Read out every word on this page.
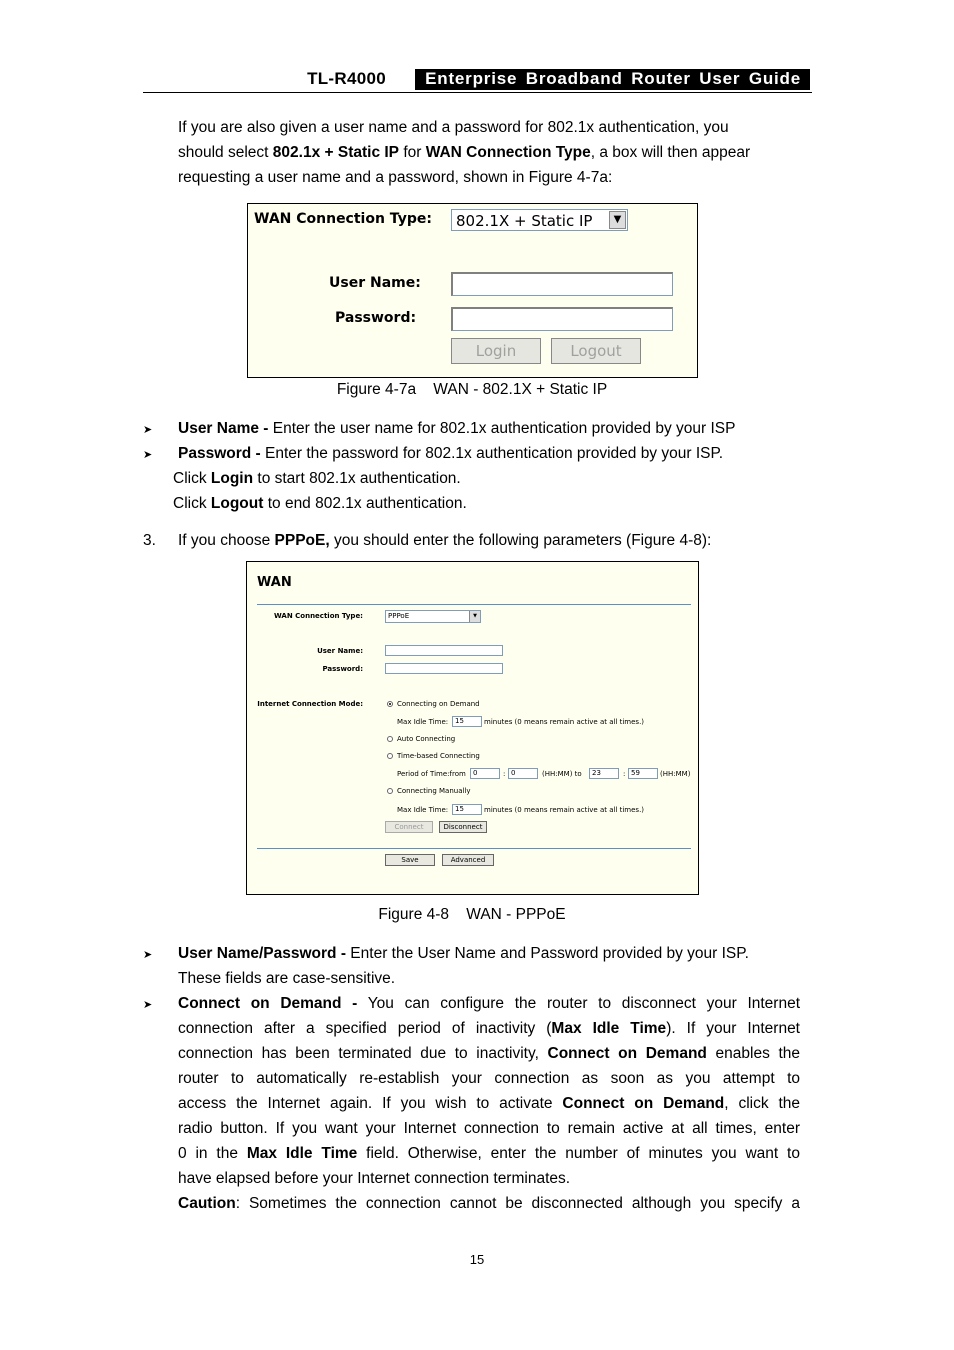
TL-R4000	Enterprise Broadband Router User Guide
If you are also given a user name and a password for 802.1x authentication, you
should select 802.1x + Static IP for WAN Connection Type, a box will then appear
requesting a user name and a password, shown in Figure 4-7a:
WAN Connection Type:	802.1X + Static IP	▼
User Name:
Password:
Login	Logout
Figure 4-7a    WAN - 802.1X + Static IP
➤ User Name - Enter the user name for 802.1x authentication provided by your ISP
➤ Password - Enter the password for 802.1x authentication provided by your ISP.
Click Login to start 802.1x authentication.
Click Logout to end 802.1x authentication.
3. If you choose PPPoE, you should enter the following parameters (Figure 4-8):
WAN
WAN Connection Type:	PPPoE	▼
User Name:
Password:
Internet Connection Mode:	Connecting on Demand
Max Idle Time: 15	minutes (0 means remain active at all times.)
Auto Connecting
Time-based Connecting
Period of Time:from	0	: 0	(HH:MM) to	23	: 59	(HH:MM)
Connecting Manually
Max Idle Time: 15	minutes (0 means remain active at all times.)
Connect	Disconnect
Save	Advanced
Figure 4-8    WAN - PPPoE
➤ User Name/Password - Enter the User Name and Password provided by your ISP.
These fields are case-sensitive.
➤ Connect on Demand - You can configure the router to disconnect your Internet
connection after a specified period of inactivity (Max Idle Time). If your Internet
connection has been terminated due to inactivity, Connect on Demand enables the
router to automatically re-establish your connection as soon as you attempt to
access the Internet again. If you wish to activate Connect on Demand, click the
radio button. If you want your Internet connection to remain active at all times, enter
0 in the Max Idle Time field. Otherwise, enter the number of minutes you want to
have elapsed before your Internet connection terminates.
Caution: Sometimes the connection cannot be disconnected although you specify a
15
